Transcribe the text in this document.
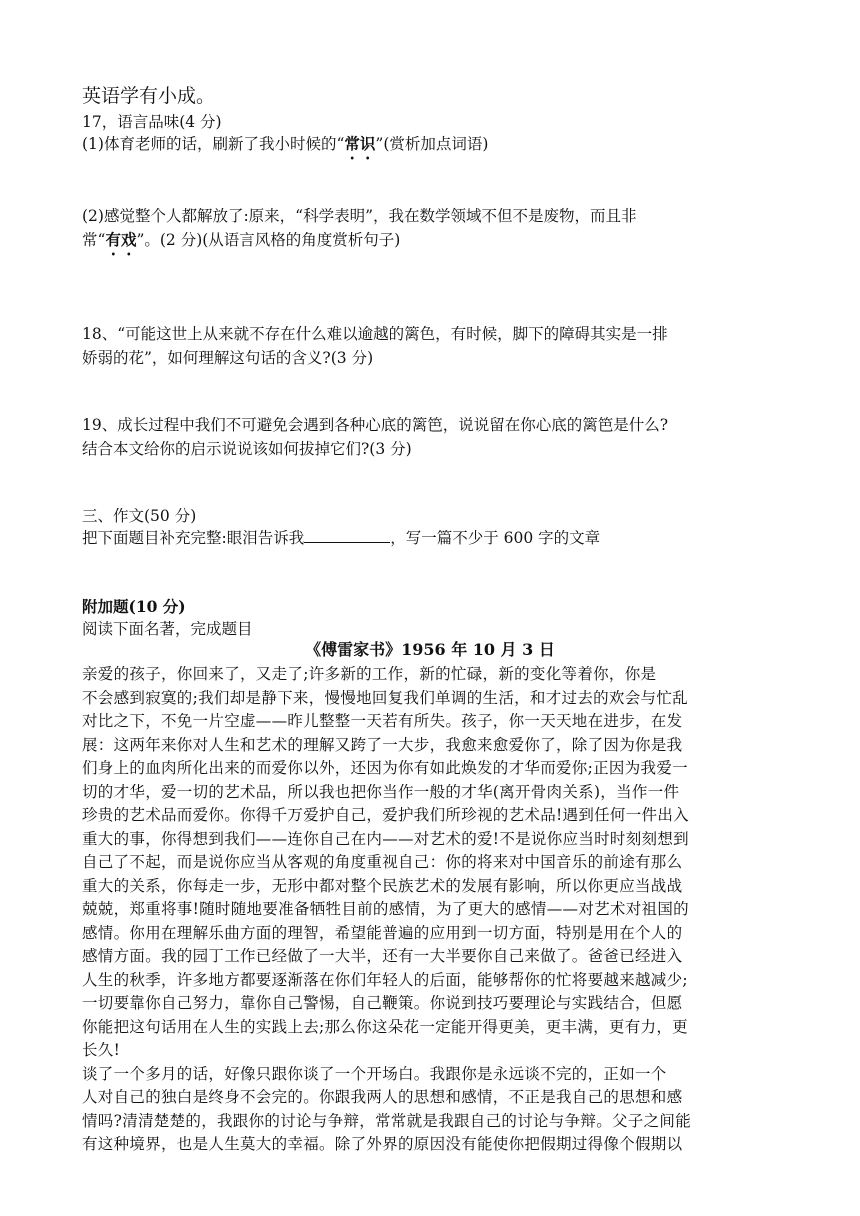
英语学有小成。
17，语言品味(4 分)
(1)体育老师的话，刷新了我小时候的“常识”(赏析加点词语)
(2)感觉整个人都解放了:原来，“科学表明”，我在数学领域不但不是废物，而且非
常“有戏”。(2 分)(从语言风格的角度赏析句子)
18、“可能这世上从来就不存在什么难以逾越的篱色，有时候，脚下的障碍其实是一排
娇弱的花”，如何理解这句话的含义?(3 分)
19、成长过程中我们不可避免会遇到各种心底的篱笆，说说留在你心底的篱笆是什么?
结合本文给你的启示说说该如何拔掉它们?(3 分)
三、作文(50 分)
把下面题目补充完整:眼泪告诉我	，写一篇不少于 600 字的文章
附加题(10 分)
阅读下面名著，完成题目
《傅雷家书》1956 年 10 月 3 日
亲爱的孩子，你回来了，又走了;许多新的工作，新的忙碌，新的变化等着你，你是
不会感到寂寞的;我们却是静下来，慢慢地回复我们单调的生活，和才过去的欢会与忙乱
对比之下，不免一片空虚——昨儿整整一天若有所失。孩子，你一天天地在进步，在发
展：这两年来你对人生和艺术的理解又跨了一大步，我愈来愈爱你了，除了因为你是我
们身上的血肉所化出来的而爱你以外，还因为你有如此焕发的才华而爱你;正因为我爱一
切的才华，爱一切的艺术品，所以我也把你当作一般的才华(离开骨肉关系)，当作一件
珍贵的艺术品而爱你。你得千万爱护自己，爱护我们所珍视的艺术品!遇到任何一件出入
重大的事，你得想到我们——连你自己在内——对艺术的爱!不是说你应当时时刻刻想到
自己了不起，而是说你应当从客观的角度重视自己：你的将来对中国音乐的前途有那么
重大的关系，你每走一步，无形中都对整个民族艺术的发展有影响，所以你更应当战战
兢兢，郑重将事!随时随地要准备牺牲目前的感情，为了更大的感情——对艺术对祖国的
感情。你用在理解乐曲方面的理智，希望能普遍的应用到一切方面，特别是用在个人的
感情方面。我的园丁工作已经做了一大半，还有一大半要你自己来做了。爸爸已经进入
人生的秋季，许多地方都要逐渐落在你们年轻人的后面，能够帮你的忙将要越来越减少;
一切要靠你自己努力，靠你自己警惕，自己鞭策。你说到技巧要理论与实践结合，但愿
你能把这句话用在人生的实践上去;那么你这朵花一定能开得更美，更丰满，更有力，更
长久!
谈了一个多月的话，好像只跟你谈了一个开场白。我跟你是永远谈不完的，正如一个
人对自己的独白是终身不会完的。你跟我两人的思想和感情，不正是我自己的思想和感
情吗?清清楚楚的，我跟你的讨论与争辩，常常就是我跟自己的讨论与争辩。父子之间能
有这种境界，也是人生莫大的幸福。除了外界的原因没有能使你把假期过得像个假期以
